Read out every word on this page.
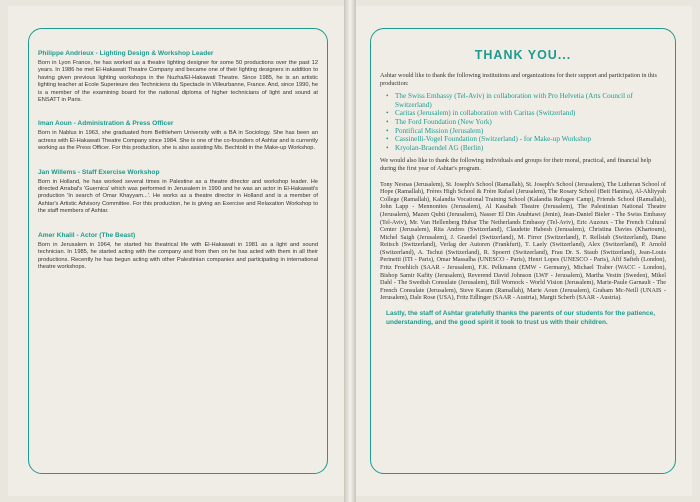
Philippe Andrieux - Lighting Design & Workshop Leader

Born in Lyon France, he has worked as a theatre lighting designer for some 50 productions over the past 12 years. In 1986 he met El-Hakawati Theatre Company and became one of their lighting designers in addition to having given previous lighting workshops in the Nuzha/El-Hakawati Theatre. Since 1985, he is an artistic lighting teacher at Ecole Superieure des Techniciens du Spectacle in Villeurbanne, France. And, since 1990, he is a member of the examining board for the national diploma of higher technicians of light and sound at ENSATT in Paris.

Iman Aoun - Administration & Press Officer

Born in Nablus in 1963, she graduated from Bethlehem University with a BA in Sociology. She has been an actress with El-Hakawati Theatre Company since 1984. She is one of the co-founders of Ashtar and is currently working as the Press Officer. For this production, she is also assisting Ms. Bechtold in the Make-up Workshop.

Jan Willems - Staff Exercise Workshop

Born in Holland, he has worked several times in Palestine as a theatre director and workshop leader. He directed Arrabal's 'Guernica' which was performed in Jerusalem in 1990 and he was an actor in El-Hakawati's production 'In search of Omar Khayyam...'. He works as a theatre director in Holland and is a member of Ashtar's Artistic Advisory Committee. For this production, he is giving an Exercise and Relaxation Workshop to the staff members of Ashtar.

Amer Khalil - Actor (The Beast)

Born in Jerusalem in 1964, he started his theatrical life with El-Hakawati in 1981 as a light and sound technician. In 1985, he started acting with the company and from then on he has acted with them in all their productions. Recently he has begun acting with other Palestinian companies and participating in international theatre workshops.

THANK YOU...

Ashtar would like to thank the following institutions and organizations for their support and participation in this production:

• The Swiss Embassy (Tel-Aviv) in collaboration with Pro Helvetia (Arts Council of Switzerland)
• Caritas (Jerusalem) in collaboration with Caritas (Switzerland)
• The Ford Foundation (New York)
• Pontifical Mission (Jerusalem)
• Cassinelli-Vogel Foundation (Switzerland) - for Make-up Workshop
• Kryolan-Braendel AG (Berlin)

We would also like to thank the following individuals and groups for their moral, practical, and financial help during the first year of Ashtar's program.

Tony Nesnas (Jerusalem), St. Joseph's School (Ramallah), St. Joseph's School (Jerusalem), The Lutheran School of Hope (Ramallah), Frères High School & Frère Rafael (Jerusalem), The Rosary School (Beit Hanina), Al-Ahliyyah College (Ramallah), Kalandia Vocational Training School (Kalandia Refugee Camp), Friends School (Ramallah), John Lapp - Mennonites (Jerusalem), Al Kasabah Theatre (Jerusalem), The Palestinian National Theatre (Jerusalem), Mazen Qubti (Jerusalem), Nasser El Din Anabtawi (Jenin), Jean-Daniel Bieler - The Swiss Embassy (Tel-Aviv), Mr. Van Hellenberg Hubar The Netherlands Embassy (Tel-Aviv), Eric Auzoux - The French Cultural Center (Jerusalem), Rita Andres (Switzerland), Claudette Habesh (Jerusalem), Christina Davies (Khartoum), Michel Saigh (Jerusalem), J. Graedel (Switzerland), M. Firrer (Switzerland), F. Rellstab (Switzerland), Diane Reitsch (Switzerland), Verlag der Autoren (Frankfurt), T. Laely (Switzerland), Alex (Switzerland), P. Arnold (Switzerland), A. Tschui (Switzerland), R. Spoerri (Switzerland), Frau Dr. S. Staub (Switzerland), Jean-Louis Perinetti (ITI - Paris), Omar Massalha (UNESCO - Paris), Henri Lopes (UNESCO - Paris), Afif Safieh (London), Fritz Froehlich (SAAR - Jerusalem), F.K. Pelkmann (EMW - Germany), Michael Traber (WACC - London), Bishop Samir Kafity (Jerusalem), Reverend David Johnson (LWF - Jerusalem), Martha Vestin (Sweden), Mikel Dahl - The Swedish Consulate (Jerusalem), Bill Wornock - World Vision (Jerusalem), Marie-Paule Garnault - The French Consulate (Jerusalem), Steve Karam (Ramallah), Marie Aoun (Jerusalem), Graham Mc-Neill (UNAIS - Jerusalem), Dale Rose (USA), Fritz Edlinger (SAAR - Austria), Margit Scherb (SAAR - Austria).

Lastly, the staff of Ashtar gratefully thanks the parents of our students for the patience, understanding, and the good spirit it took to trust us with their children.
